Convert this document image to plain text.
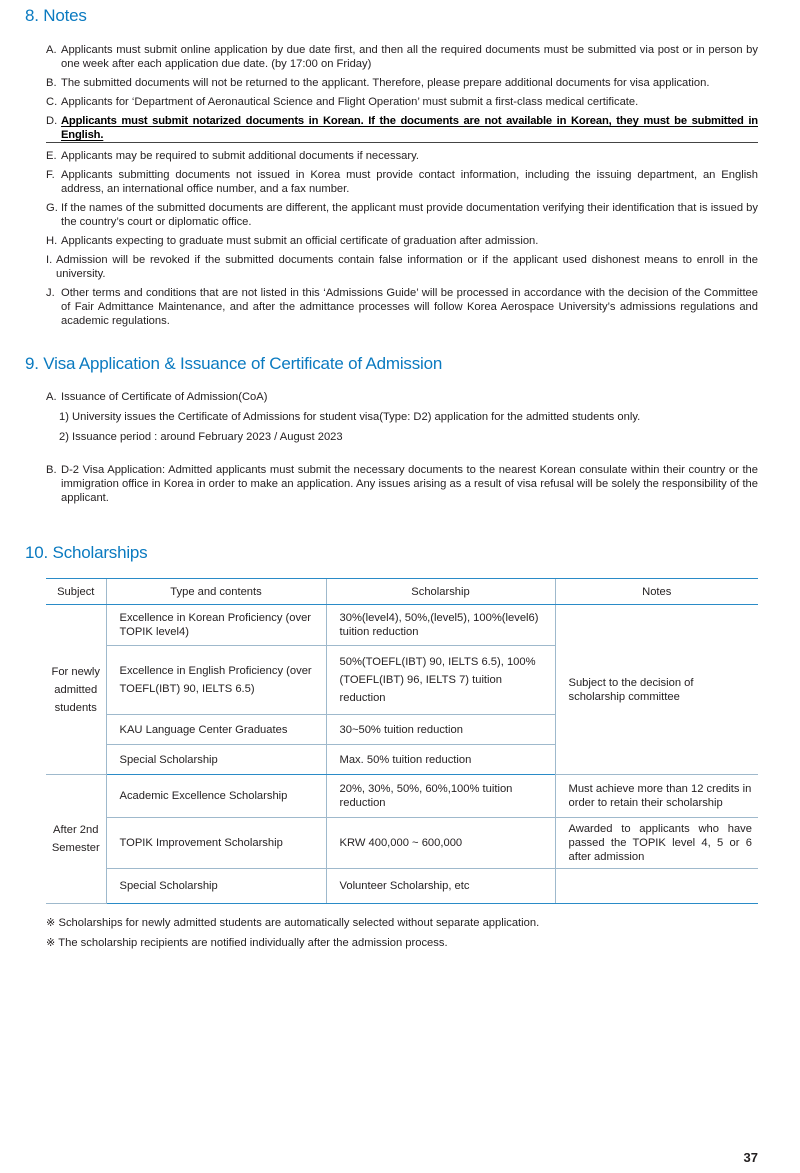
8. Notes
A. Applicants must submit online application by due date first, and then all the required documents must be submitted via post or in person by one week after each application due date. (by 17:00 on Friday)
B. The submitted documents will not be returned to the applicant. Therefore, please prepare additional documents for visa application.
C. Applicants for ‘Department of Aeronautical Science and Flight Operation’ must submit a first-class medical certificate.
D. Applicants must submit notarized documents in Korean. If the documents are not available in Korean, they must be submitted in English.
E. Applicants may be required to submit additional documents if necessary.
F. Applicants submitting documents not issued in Korea must provide contact information, including the issuing department, an English address, an international office number, and a fax number.
G. If the names of the submitted documents are different, the applicant must provide documentation verifying their identification that is issued by the country’s court or diplomatic office.
H. Applicants expecting to graduate must submit an official certificate of graduation after admission.
I. Admission will be revoked if the submitted documents contain false information or if the applicant used dishonest means to enroll in the university.
J. Other terms and conditions that are not listed in this ‘Admissions Guide’ will be processed in accordance with the decision of the Committee of Fair Admittance Maintenance, and after the admittance processes will follow Korea Aerospace University’s admissions regulations and academic regulations.
9. Visa Application & Issuance of Certificate of Admission
A. Issuance of Certificate of Admission(CoA)
1) University issues the Certificate of Admissions for student visa(Type: D2) application for the admitted students only.
2) Issuance period : around February 2023 / August 2023
B. D-2 Visa Application: Admitted applicants must submit the necessary documents to the nearest Korean consulate within their country or the immigration office in Korea in order to make an application. Any issues arising as a result of visa refusal will be solely the responsibility of the applicant.
10. Scholarships
Subject	Type and contents	Scholarship	Notes
For newly admitted students	Excellence in Korean Proficiency (over TOPIK level4)	30%(level4), 50%,(level5), 100%(level6) tuition reduction	Subject to the decision of scholarship committee
	Excellence in English Proficiency (over TOEFL(IBT) 90, IELTS 6.5)	50%(TOEFL(IBT) 90, IELTS 6.5), 100%(TOEFL(IBT) 96, IELTS 7) tuition reduction	
	KAU Language Center Graduates	30~50% tuition reduction	
	Special Scholarship	Max. 50% tuition reduction	
After 2nd Semester	Academic Excellence Scholarship	20%, 30%, 50%, 60%,100% tuition reduction	Must achieve more than 12 credits in order to retain their scholarship
	TOPIK Improvement Scholarship	KRW 400,000 ~ 600,000	Awarded to applicants who have passed the TOPIK level 4, 5 or 6 after admission
	Special Scholarship	Volunteer Scholarship, etc	
※ Scholarships for newly admitted students are automatically selected without separate application.
※ The scholarship recipients are notified individually after the admission process.
37
